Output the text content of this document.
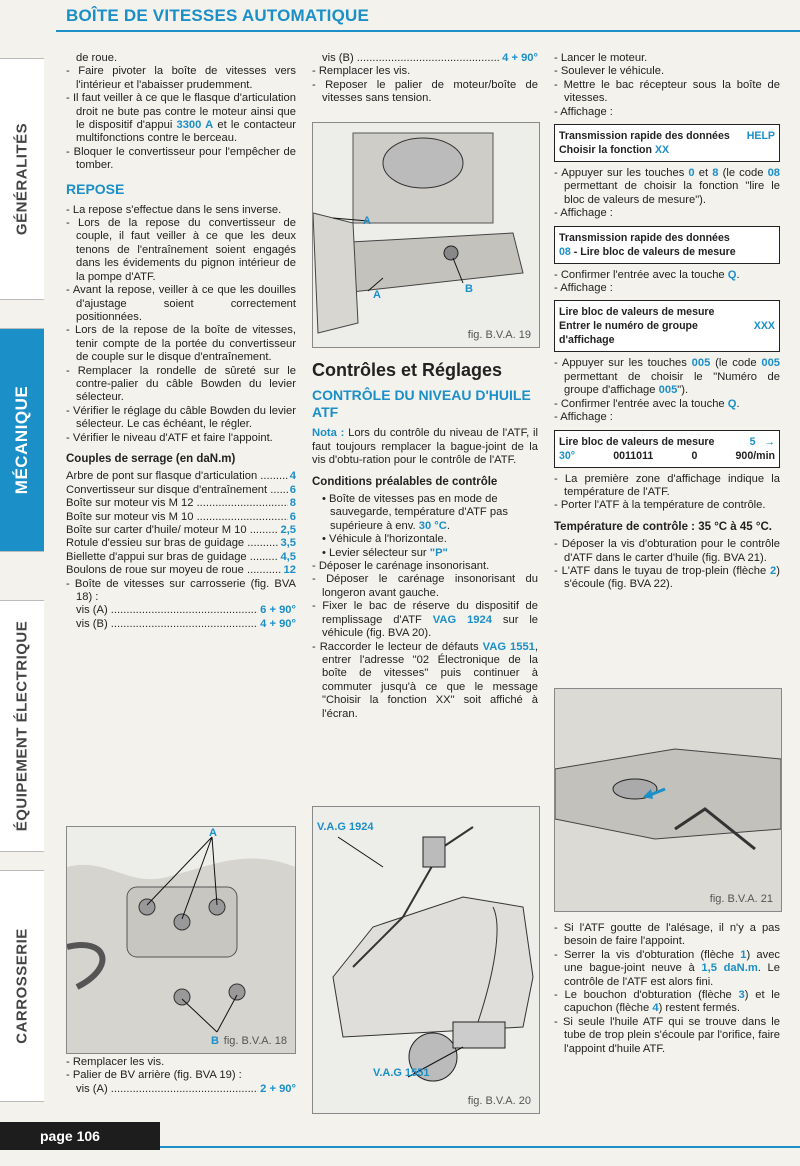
BOÎTE DE VITESSES AUTOMATIQUE
GÉNÉRALITÉS
MÉCANIQUE
ÉQUIPEMENT ÉLECTRIQUE
CARROSSERIE

de roue.

- Faire pivoter la boîte de vitesses vers l'intérieur et l'abaisser prudemment.

- Il faut veiller à ce que le flasque d'articulation droit ne bute pas contre le moteur ainsi que le dispositif d'appui 3300 A et le contacteur multifonctions contre le berceau.

- Bloquer le convertisseur pour l'empêcher de tomber.

REPOSE

- La repose s'effectue dans le sens inverse.

- Lors de la repose du convertisseur de couple, il faut veiller à ce que les deux tenons de l'entraînement soient engagés dans les évidements du pignon intérieur de la pompe d'ATF.

- Avant la repose, veiller à ce que les douilles d'ajustage soient correctement positionnées.

- Lors de la repose de la boîte de vitesses, tenir compte de la portée du convertisseur de couple sur le disque d'entraînement.

- Remplacer la rondelle de sûreté sur le contre-palier du câble Bowden du levier sélecteur.

- Vérifier le réglage du câble Bowden du levier sélecteur. Le cas échéant, le régler.

- Vérifier le niveau d'ATF et faire l'appoint.

Couples de serrage (en daN.m)
Arbre de pont sur flasque d'articulation .....	4
Convertisseur sur disque d'entraînement .....	6
Boîte sur moteur vis M 12 .....	8
Boîte sur moteur vis M 10 .....	6
Boîte sur carter d'huile/ moteur M 10 .....	2,5
Rotule d'essieu sur bras de guidage .....	3,5
Biellette d'appui sur bras de guidage .....	4,5
Boulons de roue sur moyeu de roue .....	12

- Boîte de vitesses sur carrosserie (fig. BVA 18) :

vis (A) .....	6 + 90°
vis (B) .....	4 + 90°
A
B fig. B.V.A. 18

- Remplacer les vis.

- Palier de BV arrière (fig. BVA 19) :

vis (A) .....	2 + 90°
vis (B) .....	4 + 90°

- Remplacer les vis.

- Reposer le palier de moteur/boîte de vitesses sans tension.

A
A	B
fig. B.V.A. 19
Contrôles et Réglages
CONTRÔLE DU NIVEAU D'HUILE ATF

Nota : Lors du contrôle du niveau de l'ATF, il faut toujours remplacer la bague-joint de la vis d'obtu-ration pour le contrôle de l'ATF.

Conditions préalables de contrôle

• Boîte de vitesses pas en mode de sauvegarde, température d'ATF pas supérieure à env. 30 °C.

• Véhicule à l'horizontale.

• Levier sélecteur sur "P"

- Déposer le carénage insonorisant.

- Déposer le carénage insonorisant du longeron avant gauche.

- Fixer le bac de réserve du dispositif de remplissage d'ATF VAG 1924 sur le véhicule (fig. BVA 20).

- Raccorder le lecteur de défauts VAG 1551, entrer l'adresse "02 Électronique de la boîte de vitesses" puis continuer à commuter jusqu'à ce que le message "Choisir la fonction XX" soit affiché à l'écran.

V.A.G 1924
V.A.G 1551
fig. B.V.A. 20

- Lancer le moteur.

- Soulever le véhicule.

- Mettre le bac récepteur sous la boîte de vitesses.

- Affichage :

Transmission rapide des données HELP
Choisir la fonction XX

- Appuyer sur les touches 0 et 8 (le code 08 permettant de choisir la fonction "lire le bloc de valeurs de mesure").

- Affichage :

Transmission rapide des données
08 - Lire bloc de valeurs de mesure

- Confirmer l'entrée avec la touche Q.

- Affichage :

Lire bloc de valeurs de mesure
Entrer le numéro de groupe d'affichage
XXX

- Appuyer sur les touches 005 (le code 005 permettant de choisir le "Numéro de groupe d'affichage 005").

- Confirmer l'entrée avec la touche Q.

- Affichage :

Lire bloc de valeurs de mesure	5 →
30°	0011011	0	900/min

- La première zone d'affichage indique la température de l'ATF.

- Porter l'ATF à la température de contrôle.

Température de contrôle : 35 °C à 45 °C.

- Déposer la vis d'obturation pour le contrôle d'ATF dans le carter d'huile (fig. BVA 21).

- L'ATF dans le tuyau de trop-plein (flèche 2) s'écoule (fig. BVA 22).

fig. B.V.A. 21

- Si l'ATF goutte de l'alésage, il n'y a pas besoin de faire l'appoint.

- Serrer la vis d'obturation (flèche 1) avec une bague-joint neuve à 1,5 daN.m. Le contrôle de l'ATF est alors fini.

- Le bouchon d'obturation (flèche 3) et le capuchon (flèche 4) restent fermés.

- Si seule l'huile ATF qui se trouve dans le tube de trop plein s'écoule par l'orifice, faire l'appoint d'huile ATF.

page 106
